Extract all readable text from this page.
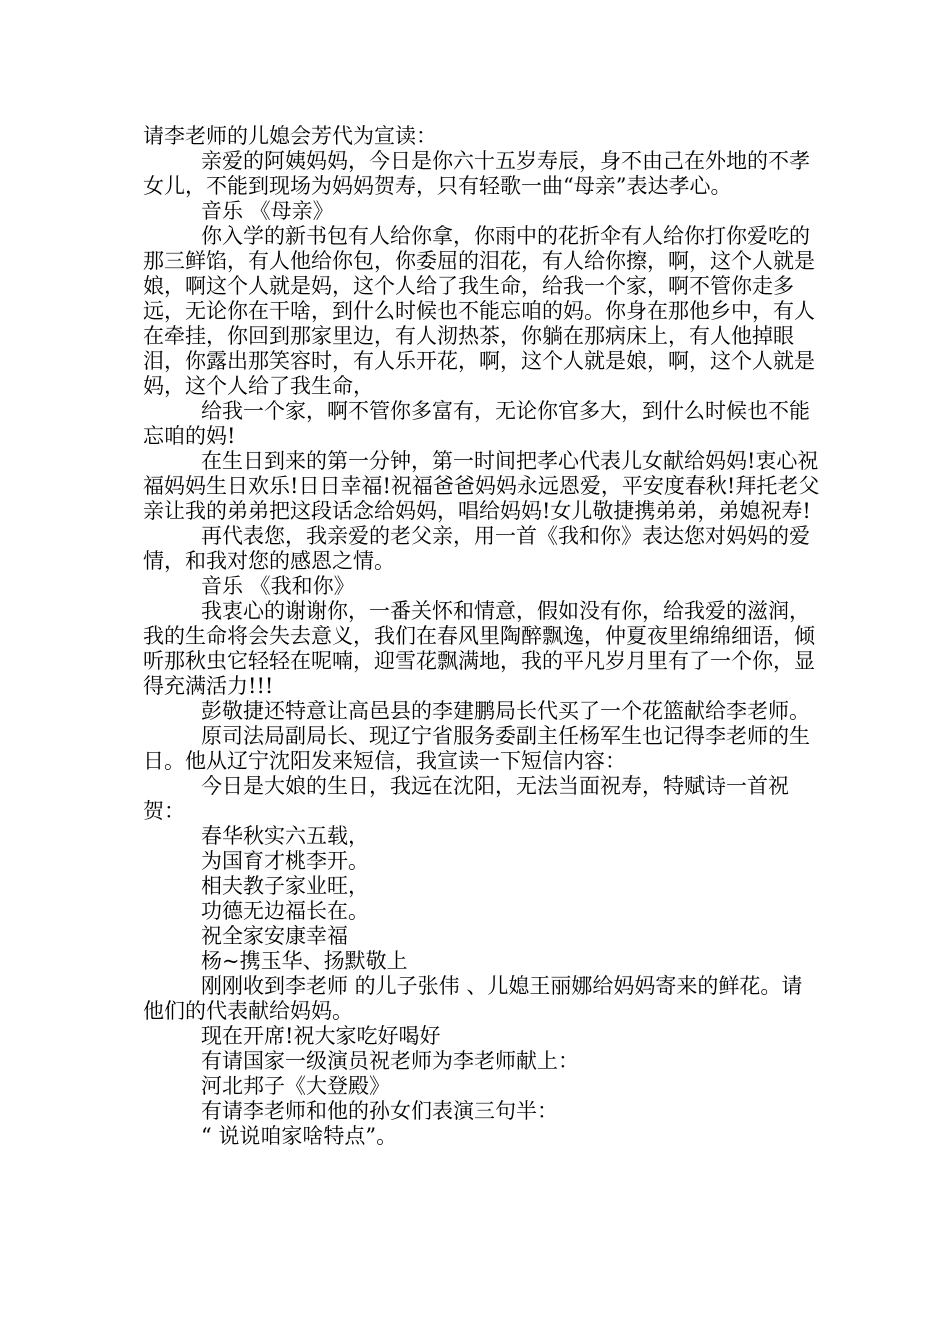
请李老师的儿媳会芳代为宣读：

亲爱的阿姨妈妈，今日是你六十五岁寿辰，身不由己在外地的不孝女儿，不能到现场为妈妈贺寿，只有轻歌一曲“母亲”表达孝心。

音乐 《母亲》

你入学的新书包有人给你拿，你雨中的花折伞有人给你打你爱吃的那三鲜馅，有人他给你包，你委屈的泪花，有人给你擦，啊，这个人就是娘，啊这个人就是妈，这个人给了我生命，给我一个家，啊不管你走多远，无论你在干啥，到什么时候也不能忘咱的妈。你身在那他乡中，有人在牵挂，你回到那家里边，有人沏热茶，你躺在那病床上，有人他掉眼泪，你露出那笑容时，有人乐开花，啊，这个人就是娘，啊，这个人就是妈，这个人给了我生命，

给我一个家，啊不管你多富有，无论你官多大，到什么时候也不能忘咱的妈!

在生日到来的第一分钟，第一时间把孝心代表儿女献给妈妈!衷心祝福妈妈生日欢乐!日日幸福!祝福爸爸妈妈永远恩爱，平安度春秋!拜托老父亲让我的弟弟把这段话念给妈妈，唱给妈妈!女儿敬捷携弟弟，弟媳祝寿!

再代表您，我亲爱的老父亲，用一首《我和你》表达您对妈妈的爱情，和我对您的感恩之情。

音乐 《我和你》

我衷心的谢谢你，一番关怀和情意，假如没有你，给我爱的滋润，我的生命将会失去意义，我们在春风里陶醉飘逸，仲夏夜里绵绵细语，倾听那秋虫它轻轻在呢喃，迎雪花飘满地，我的平凡岁月里有了一个你，显得充满活力!!!

彭敬捷还特意让高邑县的李建鹏局长代买了一个花篮献给李老师。

原司法局副局长、现辽宁省服务委副主任杨军生也记得李老师的生日。他从辽宁沈阳发来短信，我宣读一下短信内容：

今日是大娘的生日，我远在沈阳，无法当面祝寿，特赋诗一首祝贺：

春华秋实六五载，

为国育才桃李开。

相夫教子家业旺，

功德无边福长在。

祝全家安康幸福

杨~携玉华、扬默敬上

刚刚收到李老师 的儿子张伟 、儿媳王丽娜给妈妈寄来的鲜花。请他们的代表献给妈妈。

现在开席!祝大家吃好喝好

有请国家一级演员祝老师为李老师献上：

河北邦子《大登殿》

有请李老师和他的孙女们表演三句半：

“ 说说咱家啥特点”。
